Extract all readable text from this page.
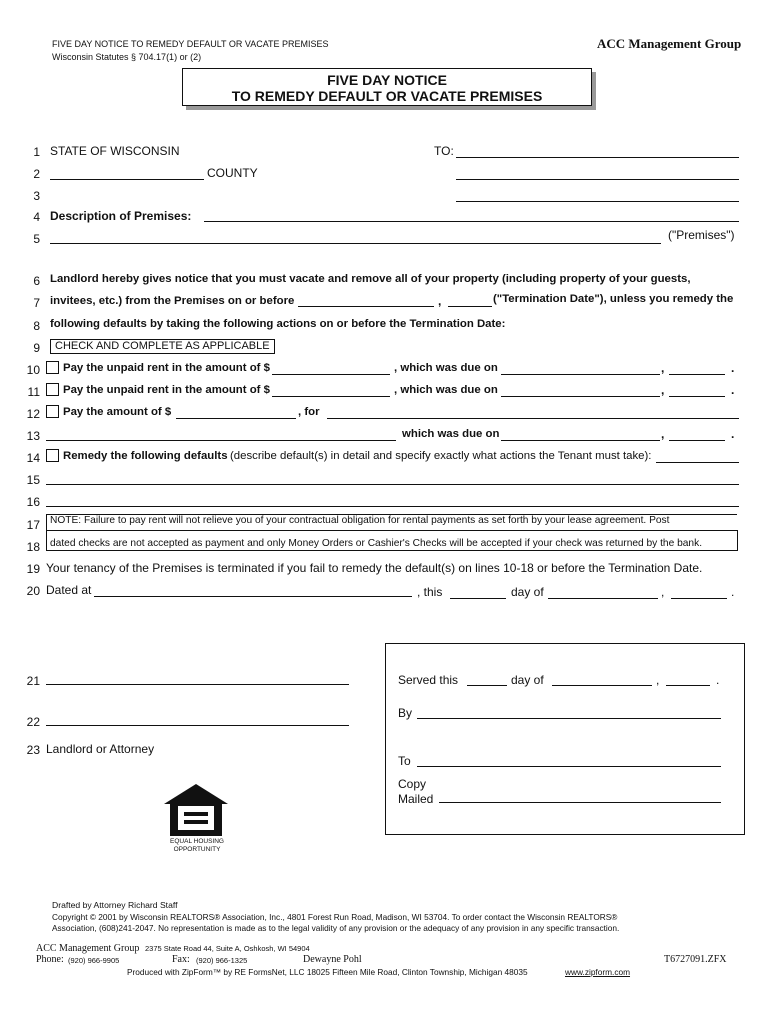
FIVE DAY NOTICE TO REMEDY DEFAULT OR VACATE PREMISES
Wisconsin Statutes § 704.17(1) or (2)
ACC Management Group
FIVE DAY NOTICE
TO REMEDY DEFAULT OR VACATE PREMISES
1 STATE OF WISCONSIN	TO:
2	COUNTY
3
4 Description of Premises:
5	("Premises")
6 Landlord hereby gives notice that you must vacate and remove all of your property (including property of your guests,
7 invitees, etc.) from the Premises on or before	,	("Termination Date"), unless you remedy the
8 following defaults by taking the following actions on or before the Termination Date:
9	CHECK AND COMPLETE AS APPLICABLE
10 Pay the unpaid rent in the amount of $	, which was due on	,	.
11 Pay the unpaid rent in the amount of $	, which was due on	,	.
12 Pay the amount of $	, for
13	which was due on	,	.
14 Remedy the following defaults (describe default(s) in detail and specify exactly what actions the Tenant must take):
15
16
17 NOTE: Failure to pay rent will not relieve you of your contractual obligation for rental payments as set forth by your lease agreement. Post
18 dated checks are not accepted as payment and only Money Orders or Cashier's Checks will be accepted if your check was returned by the bank.
19 Your tenancy of the Premises is terminated if you fail to remedy the default(s) on lines 10-18 or before the Termination Date.
20 Dated at	, this	day of	,	.
21
22
23 Landlord or Attorney
EQUAL HOUSING
OPPORTUNITY
Served this	day of	,	.
By
To
Copy
Mailed
Drafted by Attorney Richard Staff
Copyright © 2001 by Wisconsin REALTORS® Association, Inc., 4801 Forest Run Road, Madison, WI 53704. To order contact the Wisconsin REALTORS®
Association, (608)241-2047. No representation is made as to the legal validity of any provision or the adequacy of any provision in any specific transaction.
ACC Management Group 2375 State Road 44, Suite A, Oshkosh, WI 54904
Phone: (920) 966-9905	Fax: (920) 966-1325	Dewayne Pohl	T6727091.ZFX
Produced with ZipForm™ by RE FormsNet, LLC 18025 Fifteen Mile Road, Clinton Township, Michigan 48035	www.zipform.com
